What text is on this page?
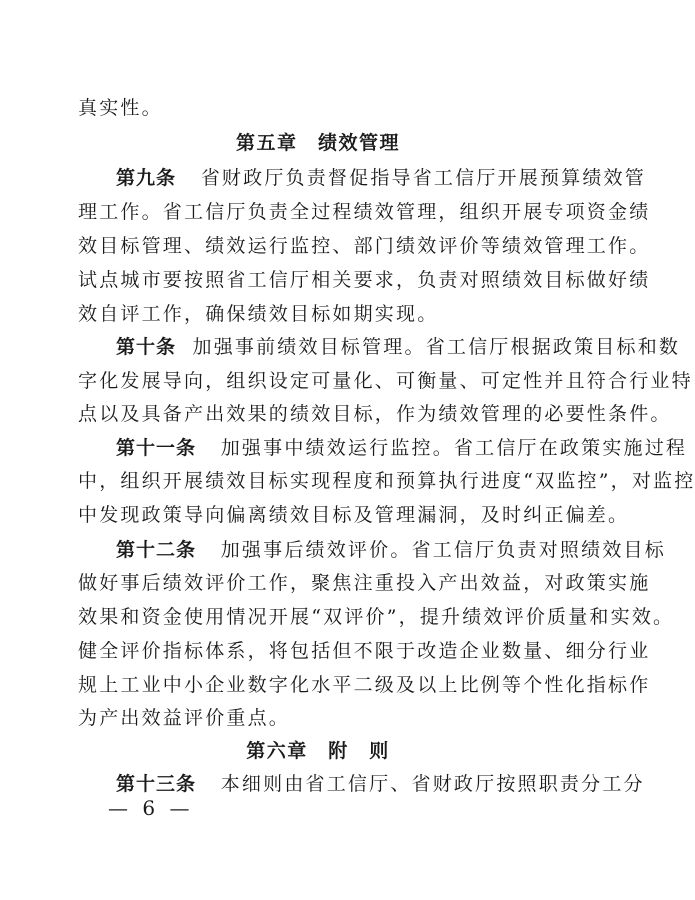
真实性。
第五章　绩效管理
第九条 省财政厅负责督促指导省工信厅开展预算绩效管
理工作。省工信厅负责全过程绩效管理，组织开展专项资金绩
效目标管理、绩效运行监控、部门绩效评价等绩效管理工作。
试点城市要按照省工信厅相关要求，负责对照绩效目标做好绩
效自评工作，确保绩效目标如期实现。
第十条 加强事前绩效目标管理。省工信厅根据政策目标和数
字化发展导向，组织设定可量化、可衡量、可定性并且符合行业特
点以及具备产出效果的绩效目标，作为绩效管理的必要性条件。
第十一条 加强事中绩效运行监控。省工信厅在政策实施过程
中，组织开展绩效目标实现程度和预算执行进度“双监控”，对监控
中发现政策导向偏离绩效目标及管理漏洞，及时纠正偏差。
第十二条 加强事后绩效评价。省工信厅负责对照绩效目标
做好事后绩效评价工作，聚焦注重投入产出效益，对政策实施
效果和资金使用情况开展“双评价”，提升绩效评价质量和实效。
健全评价指标体系，将包括但不限于改造企业数量、细分行业
规上工业中小企业数字化水平二级及以上比例等个性化指标作
为产出效益评价重点。
第六章　附　则
第十三条 本细则由省工信厅、省财政厅按照职责分工分
— 6 —
